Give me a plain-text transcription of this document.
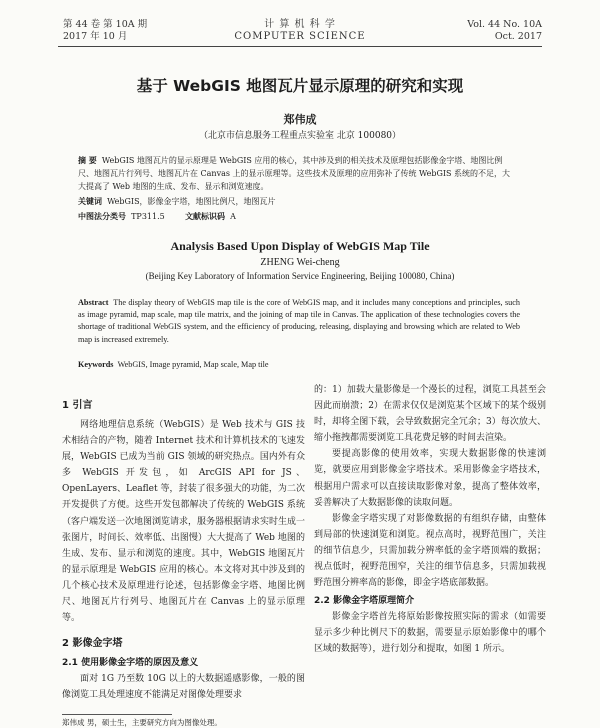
第 44 卷 第 10A 期
2017 年 10 月
计 算 机 科 学
COMPUTER SCIENCE
Vol. 44 No. 10A
Oct. 2017
基于 WebGIS 地图瓦片显示原理的研究和实现
郑伟成
（北京市信息服务工程重点实验室 北京 100080）
摘 要 WebGIS 地图瓦片的显示原理是 WebGIS 应用的核心，其中涉及到的相关技术及原理包括影像金字塔、地图比例尺、地图瓦片行列号、地图瓦片在 Canvas 上的显示原理等。这些技术及原理的应用弥补了传统 WebGIS 系统的不足，大大提高了 Web 地图的生成、发布、显示和浏览速度。
关键词 WebGIS，影像金字塔，地图比例尺，地图瓦片
中图法分类号 TP311.5	文献标识码 A
Analysis Based Upon Display of WebGIS Map Tile
ZHENG Wei-cheng
(Beijing Key Laboratory of Information Service Engineering, Beijing 100080, China)
Abstract The display theory of WebGIS map tile is the core of WebGIS map, and it includes many conceptions and principles, such as image pyramid, map scale, map tile matrix, and the joining of map tile in Canvas. The application of these technologies covers the shortage of traditional WebGIS system, and the efficiency of producing, releasing, displaying and browsing which are related to Web map is increased extremely.
Keywords WebGIS, Image pyramid, Map scale, Map tile
1 引言

网络地理信息系统（WebGIS）是 Web 技术与 GIS 技术相结合的产物，随着 Internet 技术和计算机技术的飞速发展，WebGIS 已成为当前 GIS 领域的研究热点。国内外有众多 WebGIS 开发包，如 ArcGIS API for JS、OpenLayers、Leaflet 等，封装了很多强大的功能，为二次开发提供了方便。这些开发包都解决了传统的 WebGIS 系统（客户端发送一次地图浏览请求，服务器根据请求实时生成一张图片，时间长、效率低、出图慢）大大提高了 Web 地图的生成、发布、显示和浏览的速度。其中，WebGIS 地图瓦片的显示原理是 WebGIS 应用的核心。本文将对其中涉及到的几个核心技术及原理进行论述，包括影像金字塔、地图比例尺、地图瓦片行列号、地图瓦片在 Canvas 上的显示原理等。

2 影像金字塔
2.1 使用影像金字塔的原因及意义

面对 1G 乃至数 10G 以上的大数据遥感影像，一般的图像浏览工具处理速度不能满足对图像处理要求

的：1）加载大量影像是一个漫长的过程，浏览工具甚至会因此而崩溃；2）在需求仅仅是浏览某个区域下的某个级别时，却将全图下载，会导致数据完全冗余；3）每次放大、缩小拖拽都需要浏览工具花费足够的时间去渲染。

要提高影像的使用效率，实现大数据影像的快速浏览，就要应用到影像金字塔技术。采用影像金字塔技术，根据用户需求可以直接读取影像对象，提高了整体效率，妥善解决了大数据影像的读取问题。

影像金字塔实现了对影像数据的有组织存储，由整体到局部的快速浏览和浏览。视点高时，视野范围广，关注的细节信息少，只需加载分辨率低的金字塔顶端的数据；视点低时，视野范围窄，关注的细节信息多，只需加载视野范围分辨率高的影像，即金字塔底部数据。

2.2 影像金字塔原理简介

影像金字塔首先将原始影像按照实际的需求（如需要显示多少种比例尺下的数据，需要显示原始影像中的哪个区域的数据等），进行划分和提取，如图 1 所示。

郑伟成 男，硕士生，主要研究方向为图像处理。
